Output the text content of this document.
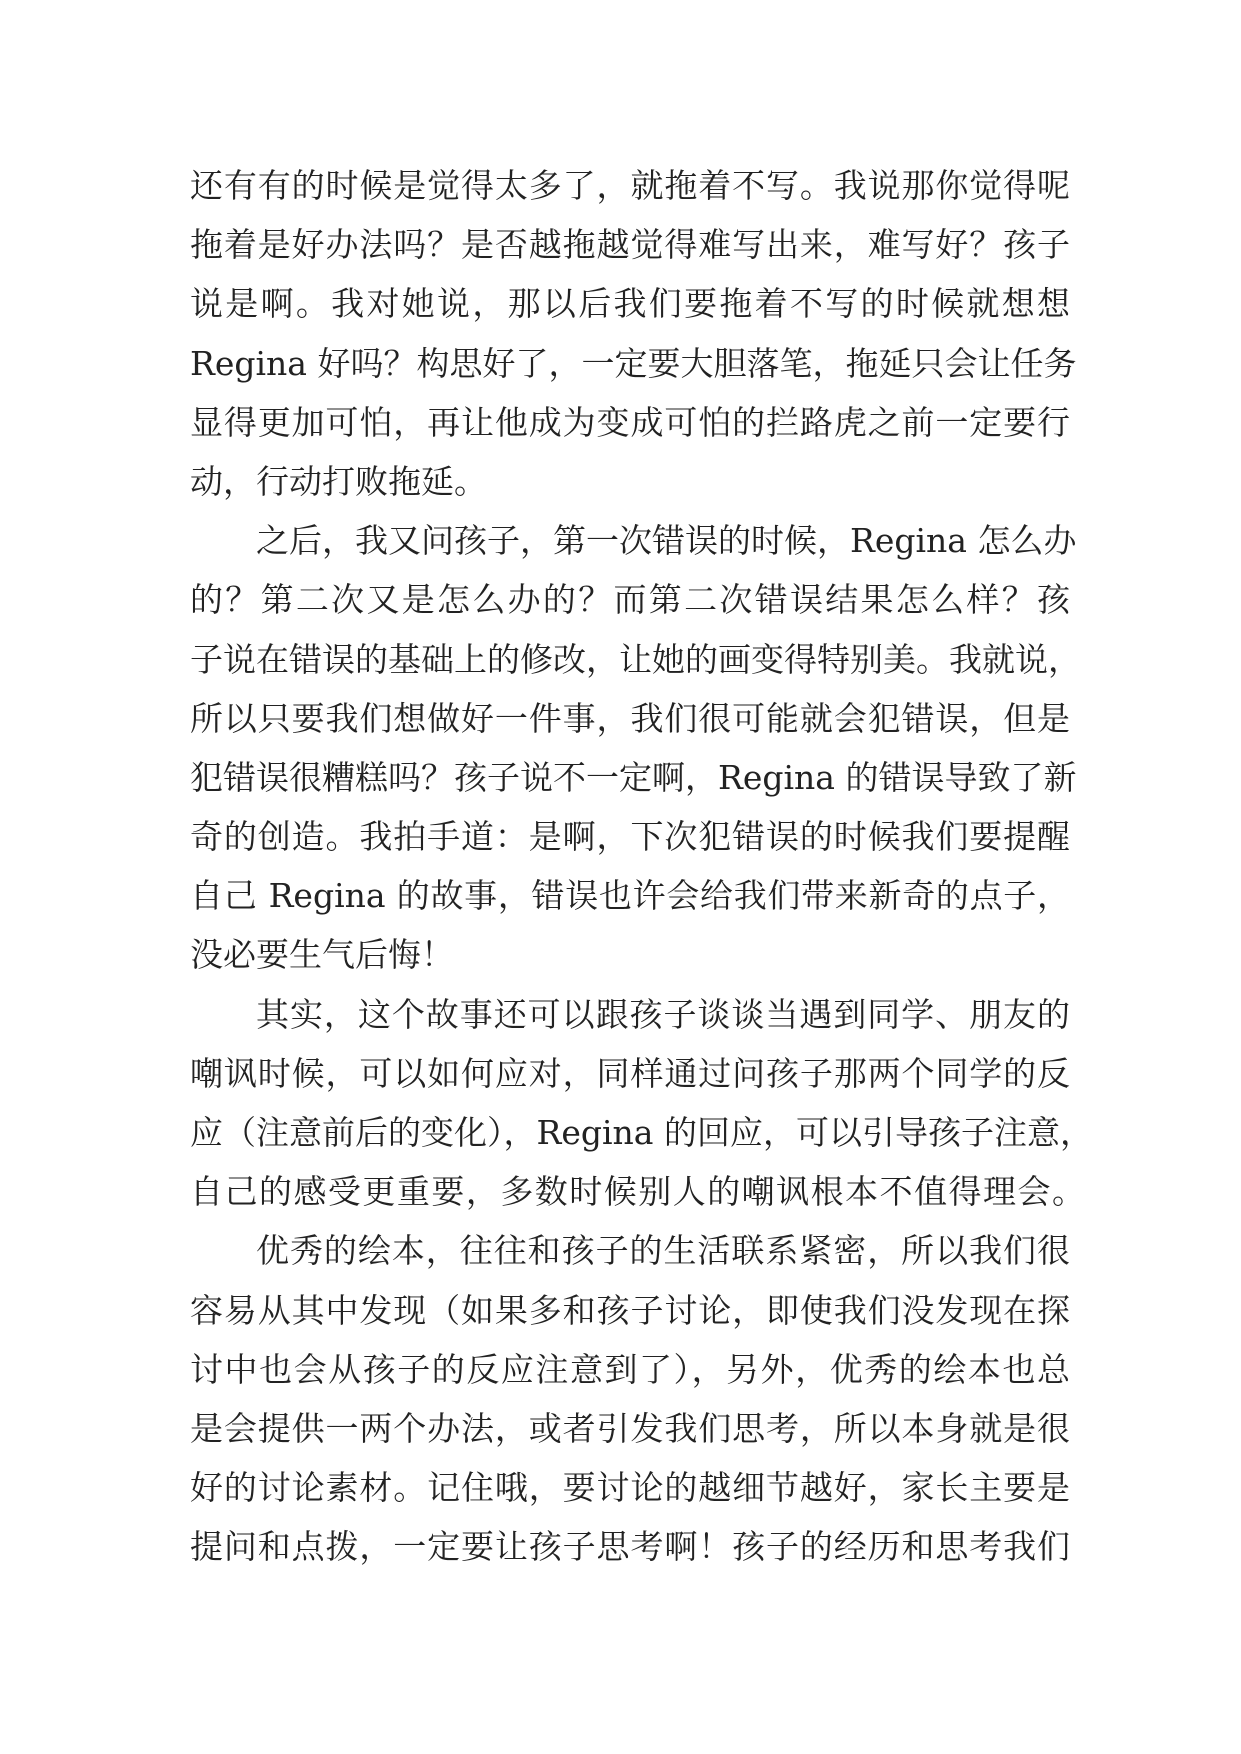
还有有的时候是觉得太多了，就拖着不写。我说那你觉得呢
拖着是好办法吗？是否越拖越觉得难写出来，难写好？孩子
说是啊。我对她说，那以后我们要拖着不写的时候就想想
Regina 好吗？构思好了，一定要大胆落笔，拖延只会让任务
显得更加可怕，再让他成为变成可怕的拦路虎之前一定要行
动，行动打败拖延。
之后，我又问孩子，第一次错误的时候，Regina 怎么办
的？第二次又是怎么办的？而第二次错误结果怎么样？孩
子说在错误的基础上的修改，让她的画变得特别美。我就说，
所以只要我们想做好一件事，我们很可能就会犯错误，但是
犯错误很糟糕吗？孩子说不一定啊，Regina 的错误导致了新
奇的创造。我拍手道：是啊，下次犯错误的时候我们要提醒
自己 Regina 的故事，错误也许会给我们带来新奇的点子，
没必要生气后悔！
其实，这个故事还可以跟孩子谈谈当遇到同学、朋友的
嘲讽时候，可以如何应对，同样通过问孩子那两个同学的反
应（注意前后的变化），Regina 的回应，可以引导孩子注意，
自己的感受更重要，多数时候别人的嘲讽根本不值得理会。
优秀的绘本，往往和孩子的生活联系紧密，所以我们很
容易从其中发现（如果多和孩子讨论，即使我们没发现在探
讨中也会从孩子的反应注意到了），另外，优秀的绘本也总
是会提供一两个办法，或者引发我们思考，所以本身就是很
好的讨论素材。记住哦，要讨论的越细节越好，家长主要是
提问和点拨，一定要让孩子思考啊！孩子的经历和思考我们
